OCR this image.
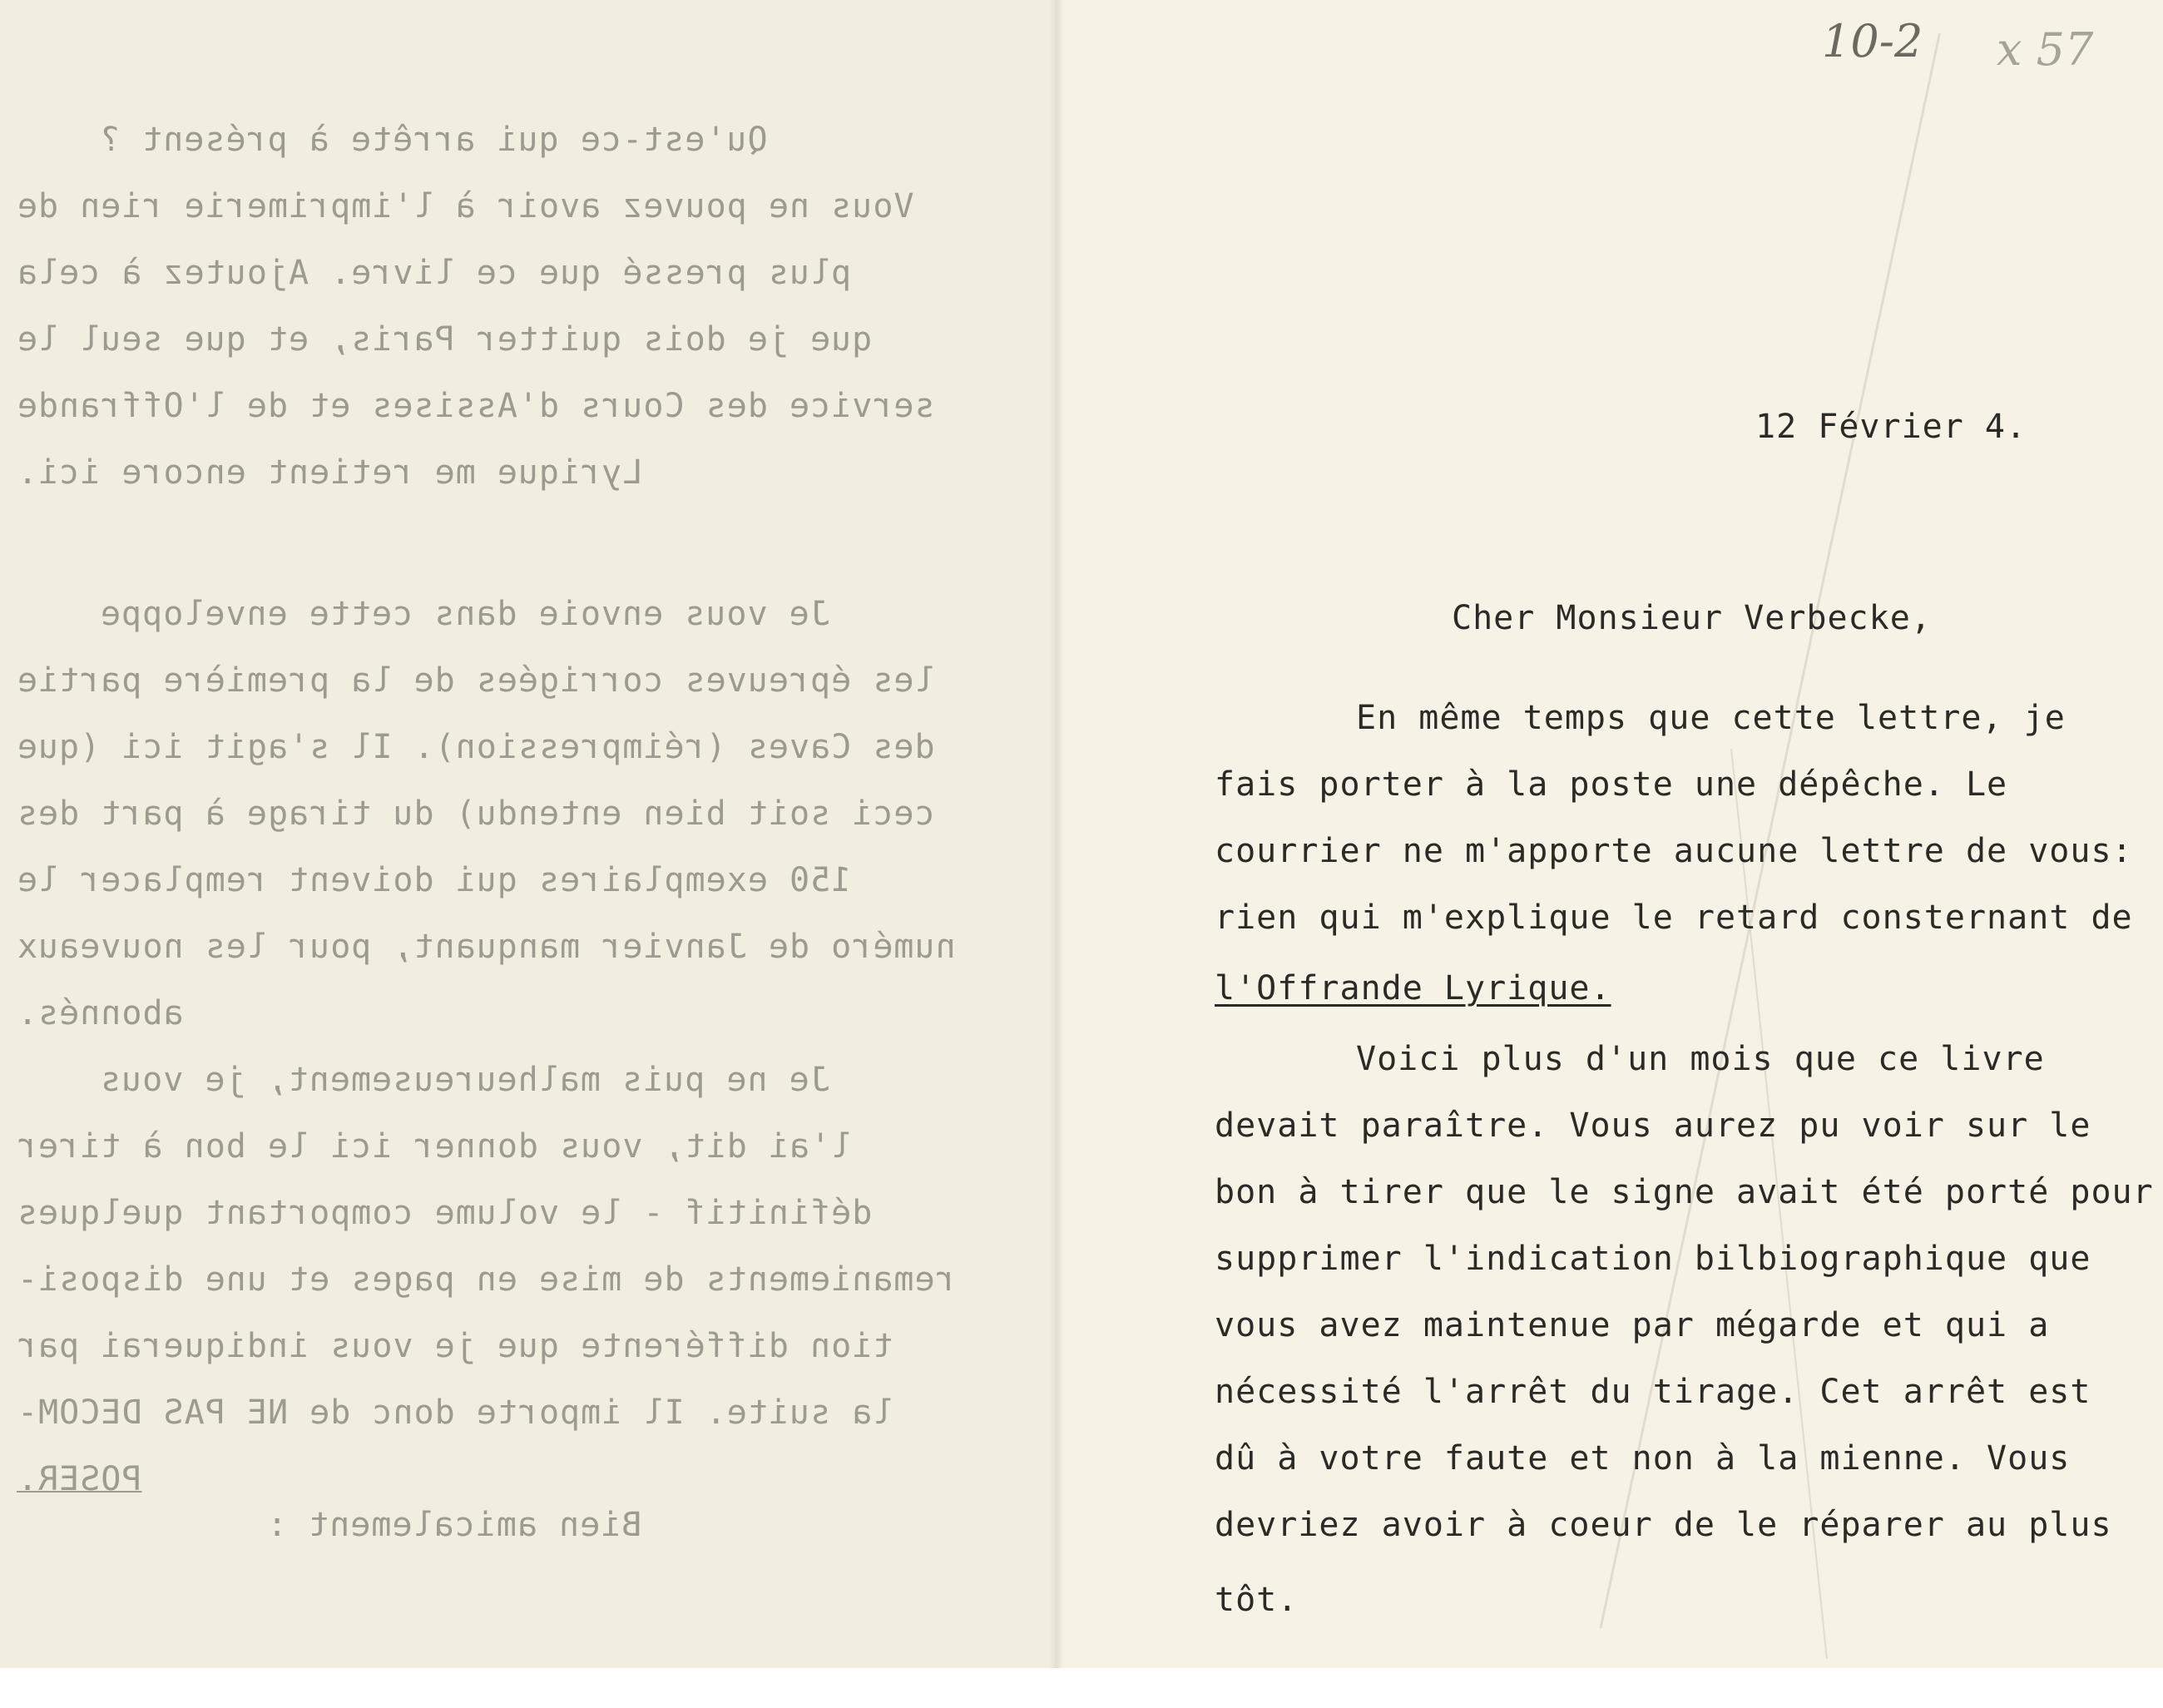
10-2 x 57
Qu'est-ce qui arrête à présent ?
Vous ne pouvez avoir à l'imprimerie rien de
plus pressé que ce livre. Ajoutez à cela
que je dois quitter Paris, et que seul le
service des Cours d'Assises et de l'Offrande
Lyrique me retient encore ici.
Je vous envoie dans cette enveloppe
les épreuves corrigées de la première partie
des Caves (réimpression). Il s'agit ici (que
ceci soit bien entendu) du tirage à part des
150 exemplaires qui doivent remplacer le
numéro de Janvier manquant, pour les nouveaux
abonnés.
Je ne puis malheureusement, je vous
l'ai dit, vous donner ici le bon à tirer
définitif - le volume comportant quelques
remaniements de mise en pages et une disposi-
tion différente que je vous indiquerai par
la suite. Il importe donc de NE PAS DECOM-
POSER.
Bien amicalement :
12 Février 4.
Cher Monsieur Verbecke,
En même temps que cette lettre, je
fais porter à la poste une dépêche. Le
courrier ne m'apporte aucune lettre de vous:
rien qui m'explique le retard consternant de
l'Offrande Lyrique.
Voici plus d'un mois que ce livre
devait paraître. Vous aurez pu voir sur le
bon à tirer que le signe avait été porté pour
supprimer l'indication bilbiographique que
vous avez maintenue par mégarde et qui a
nécessité l'arrêt du tirage. Cet arrêt est
dû à votre faute et non à la mienne. Vous
devriez avoir à coeur de le réparer au plus
tôt.
